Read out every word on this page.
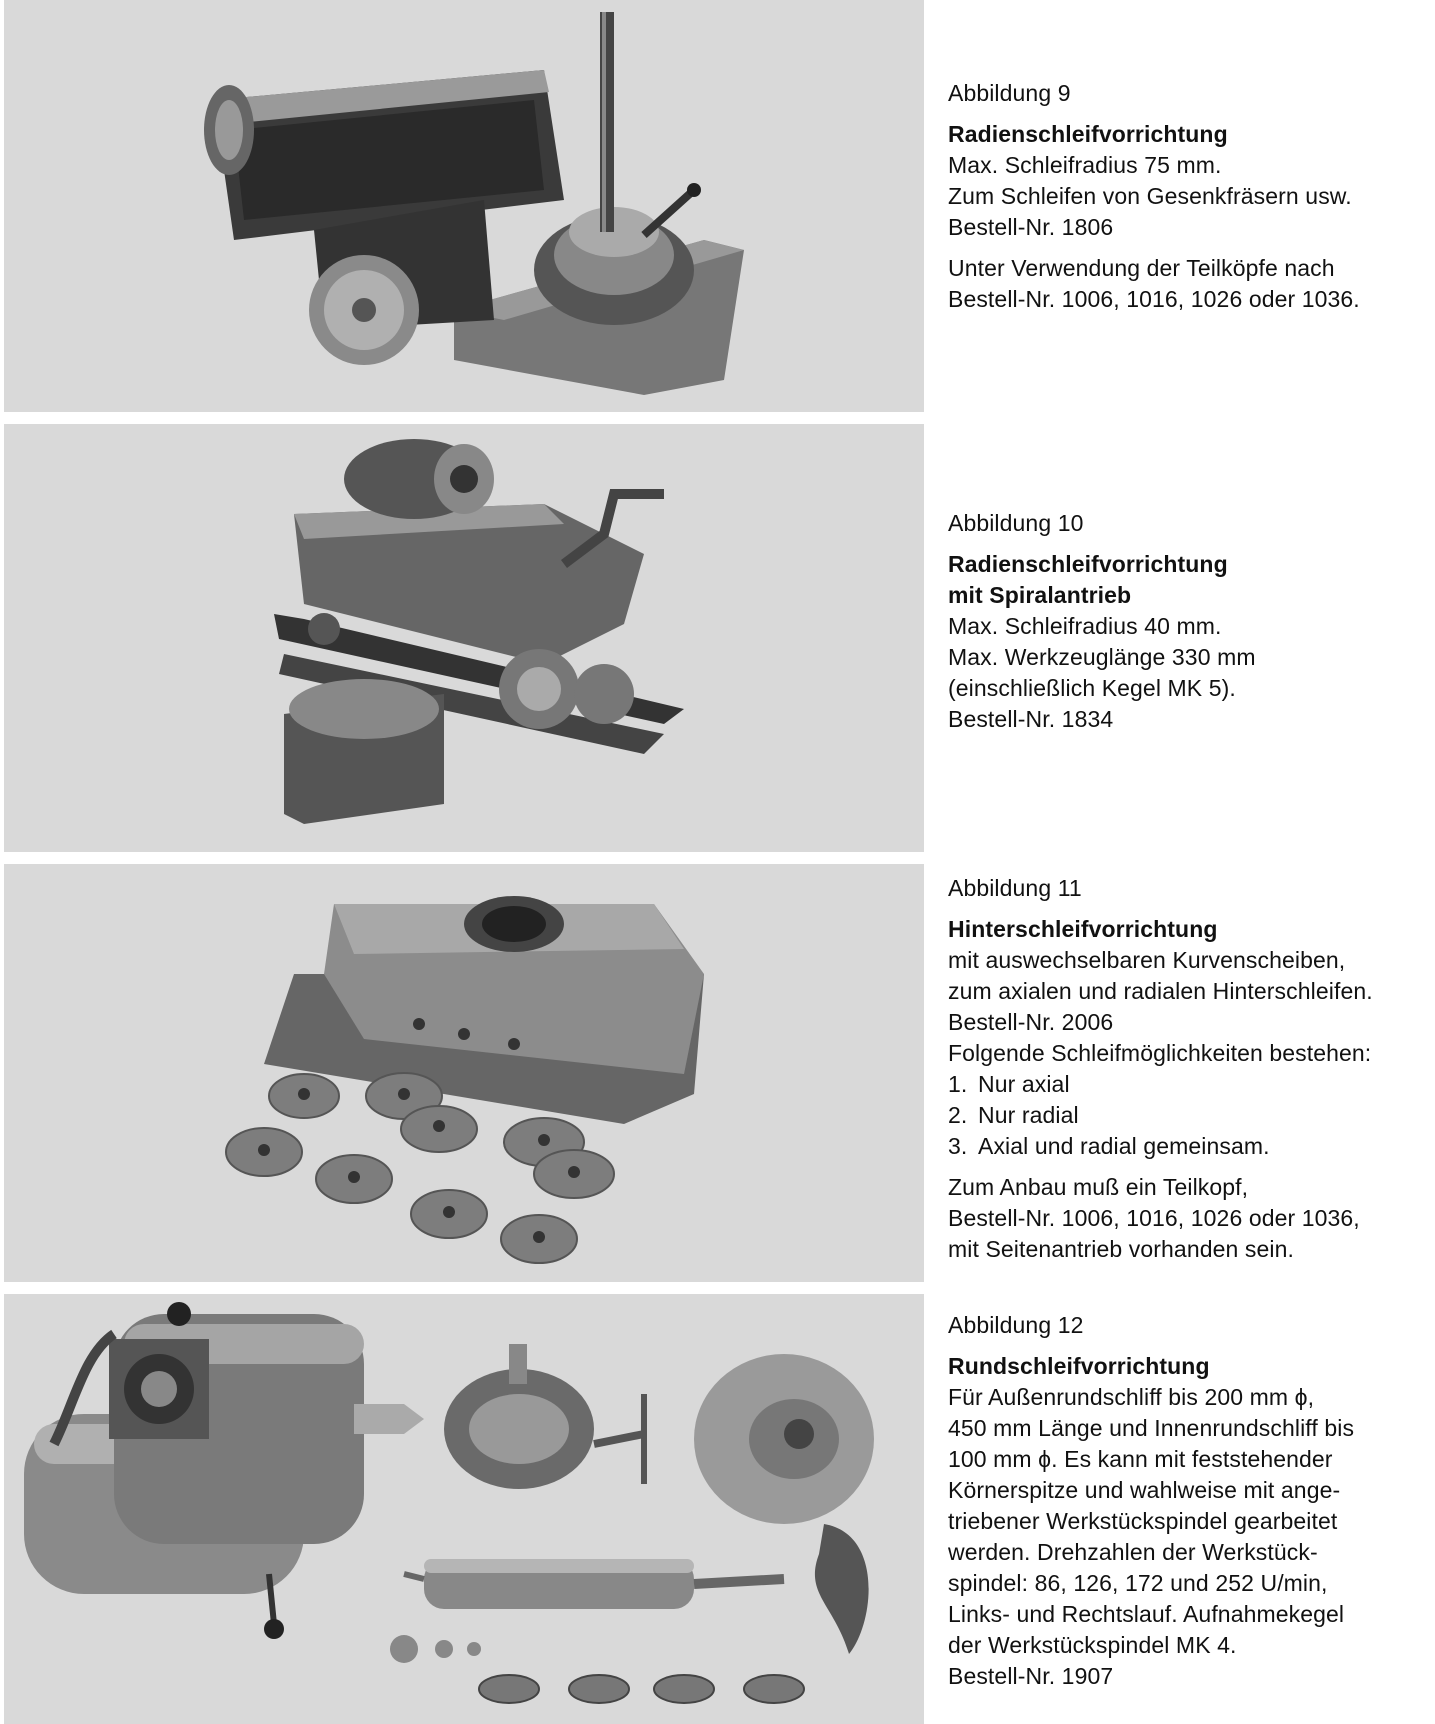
Abbildung 9

Radienschleifvorrichtung

Max. Schleifradius 75 mm.

Zum Schleifen von Gesenkfräsern usw.

Bestell-Nr. 1806

Unter Verwendung der Teilköpfe nach

Bestell-Nr. 1006, 1016, 1026 oder 1036.

Abbildung 10

Radienschleifvorrichtung

mit Spiralantrieb

Max. Schleifradius 40 mm.

Max. Werkzeuglänge 330 mm

(einschließlich Kegel MK 5).

Bestell-Nr. 1834

Abbildung 11

Hinterschleifvorrichtung

mit auswechselbaren Kurvenscheiben,

zum axialen und radialen Hinterschleifen.

Bestell-Nr. 2006

Folgende Schleifmöglichkeiten bestehen:

1. Nur axial
2. Nur radial
3. Axial und radial gemeinsam.

Zum Anbau muß ein Teilkopf,

Bestell-Nr. 1006, 1016, 1026 oder 1036,

mit Seitenantrieb vorhanden sein.

Abbildung 12

Rundschleifvorrichtung

Für Außenrundschliff bis 200 mm ϕ,

450 mm Länge und Innenrundschliff bis

100 mm ϕ. Es kann mit feststehender

Körnerspitze und wahlweise mit ange-

triebener Werkstückspindel gearbeitet

werden. Drehzahlen der Werkstück-

spindel: 86, 126, 172 und 252 U/min,

Links- und Rechtslauf. Aufnahmekegel

der Werkstückspindel MK 4.

Bestell-Nr. 1907
